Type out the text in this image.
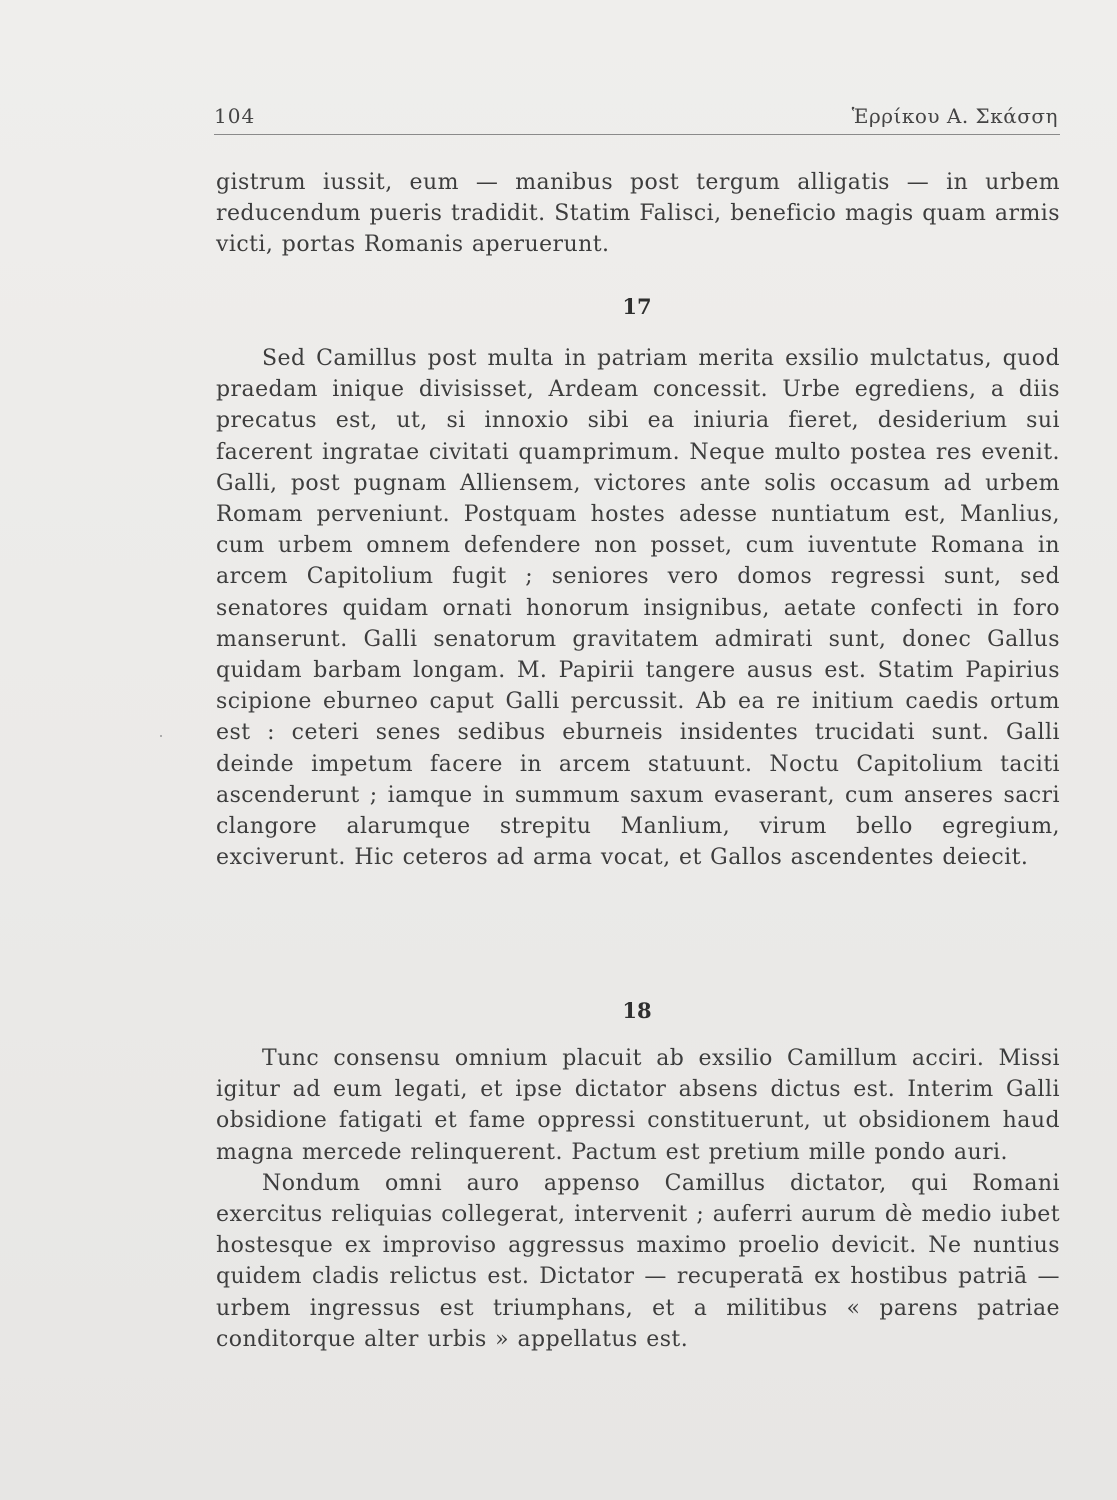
104	Ἑρρίκου Α. Σκάσση

gistrum iussit, eum — manibus post tergum alligatis — in urbem reducendum pueris tradidit. Statim Falisci, beneficio magis quam armis victi, portas Romanis aperuerunt.

17

Sed Camillus post multa in patriam merita exsilio mulctatus, quod praedam inique divisisset, Ardeam concessit. Urbe egrediens, a diis precatus est, ut, si innoxio sibi ea iniuria fieret, desiderium sui facerent ingratae civitati quamprimum. Neque multo postea res evenit. Galli, post pugnam Alliensem, victores ante solis occasum ad urbem Romam perveniunt. Postquam hostes adesse nuntiatum est, Manlius, cum urbem omnem defendere non posset, cum iuventute Romana in arcem Capitolium fugit ; seniores vero domos regressi sunt, sed senatores quidam ornati honorum insignibus, aetate confecti in foro manserunt. Galli senatorum gravitatem admirati sunt, donec Gallus quidam barbam longam. M. Papirii tangere ausus est. Statim Papirius scipione eburneo caput Galli percussit. Ab ea re initium caedis ortum est : ceteri senes sedibus eburneis insidentes trucidati sunt. Galli deinde impetum facere in arcem statuunt. Noctu Capitolium taciti ascenderunt ; iamque in summum saxum evaserant, cum anseres sacri clangore alarumque strepitu Manlium, virum bello egregium, exciverunt. Hic ceteros ad arma vocat, et Gallos ascendentes deiecit.

18

Tunc consensu omnium placuit ab exsilio Camillum acciri. Missi igitur ad eum legati, et ipse dictator absens dictus est. Interim Galli obsidione fatigati et fame oppressi constituerunt, ut obsidionem haud magna mercede relinquerent. Pactum est pretium mille pondo auri.

Nondum omni auro appenso Camillus dictator, qui Romani exercitus reliquias collegerat, intervenit ; auferri aurum dè medio iubet hostesque ex improviso aggressus maximo proelio devicit. Ne nuntius quidem cladis relictus est. Dictator — recuperatā ex hostibus patriā — urbem ingressus est triumphans, et a militibus « parens patriae conditorque alter urbis » appellatus est.
